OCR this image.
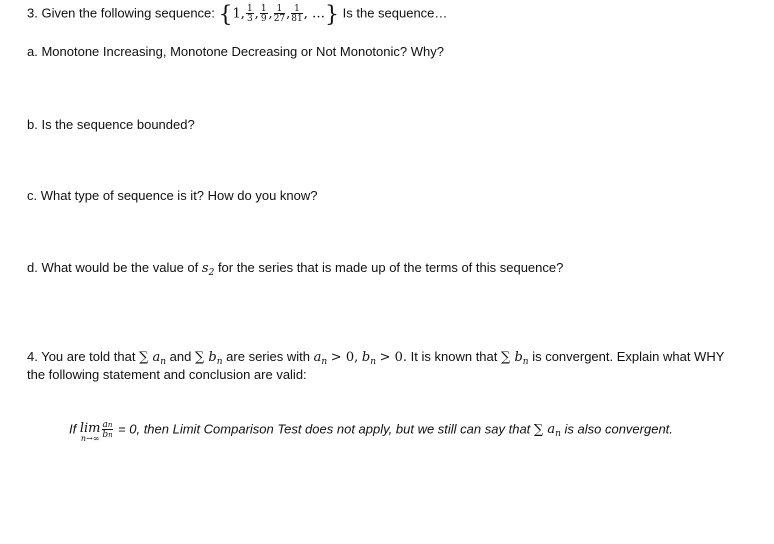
3. Given the following sequence: {1, $\frac{1}{3}$ , $\frac{1}{9}$ , $\frac{1}{27}$ , $\frac{1}{81}$ , …} Is the sequence…
a. Monotone Increasing, Monotone Decreasing or Not Monotonic? Why?
b. Is the sequence bounded?
c. What type of sequence is it? How do you know?
d. What would be the value of $s_2$ for the series that is made up of the terms of this sequence?
4. You are told that ∑ $a_n$ and ∑ $b_n$ are series with $a_n > 0$, $b_n > 0$. It is known that ∑ $b_n$ is convergent. Explain what WHY
the following statement and conclusion are valid:
If lim
$n\to\infty \frac{an}{bn} = 0$, then Limit Comparison Test does not apply, but we still can say that ∑ $a_n$ is also convergent.
